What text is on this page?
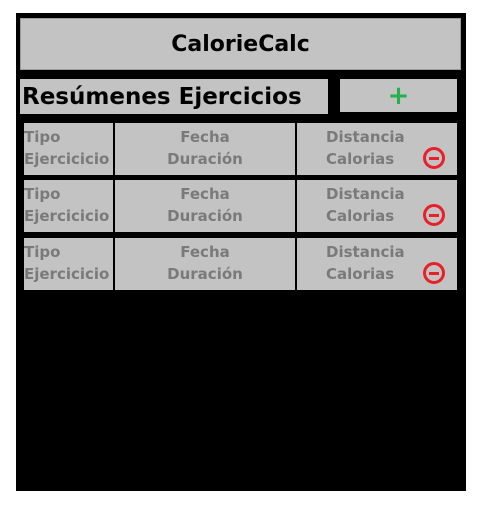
CalorieCalc
Resúmenes Ejercicios	+
Tipo
Ejercicicio
Fecha
Duración
Distancia
Calorias
Tipo
Ejercicicio
Fecha
Duración
Distancia
Calorias
Tipo
Ejercicicio
Fecha
Duración
Distancia
Calorias
